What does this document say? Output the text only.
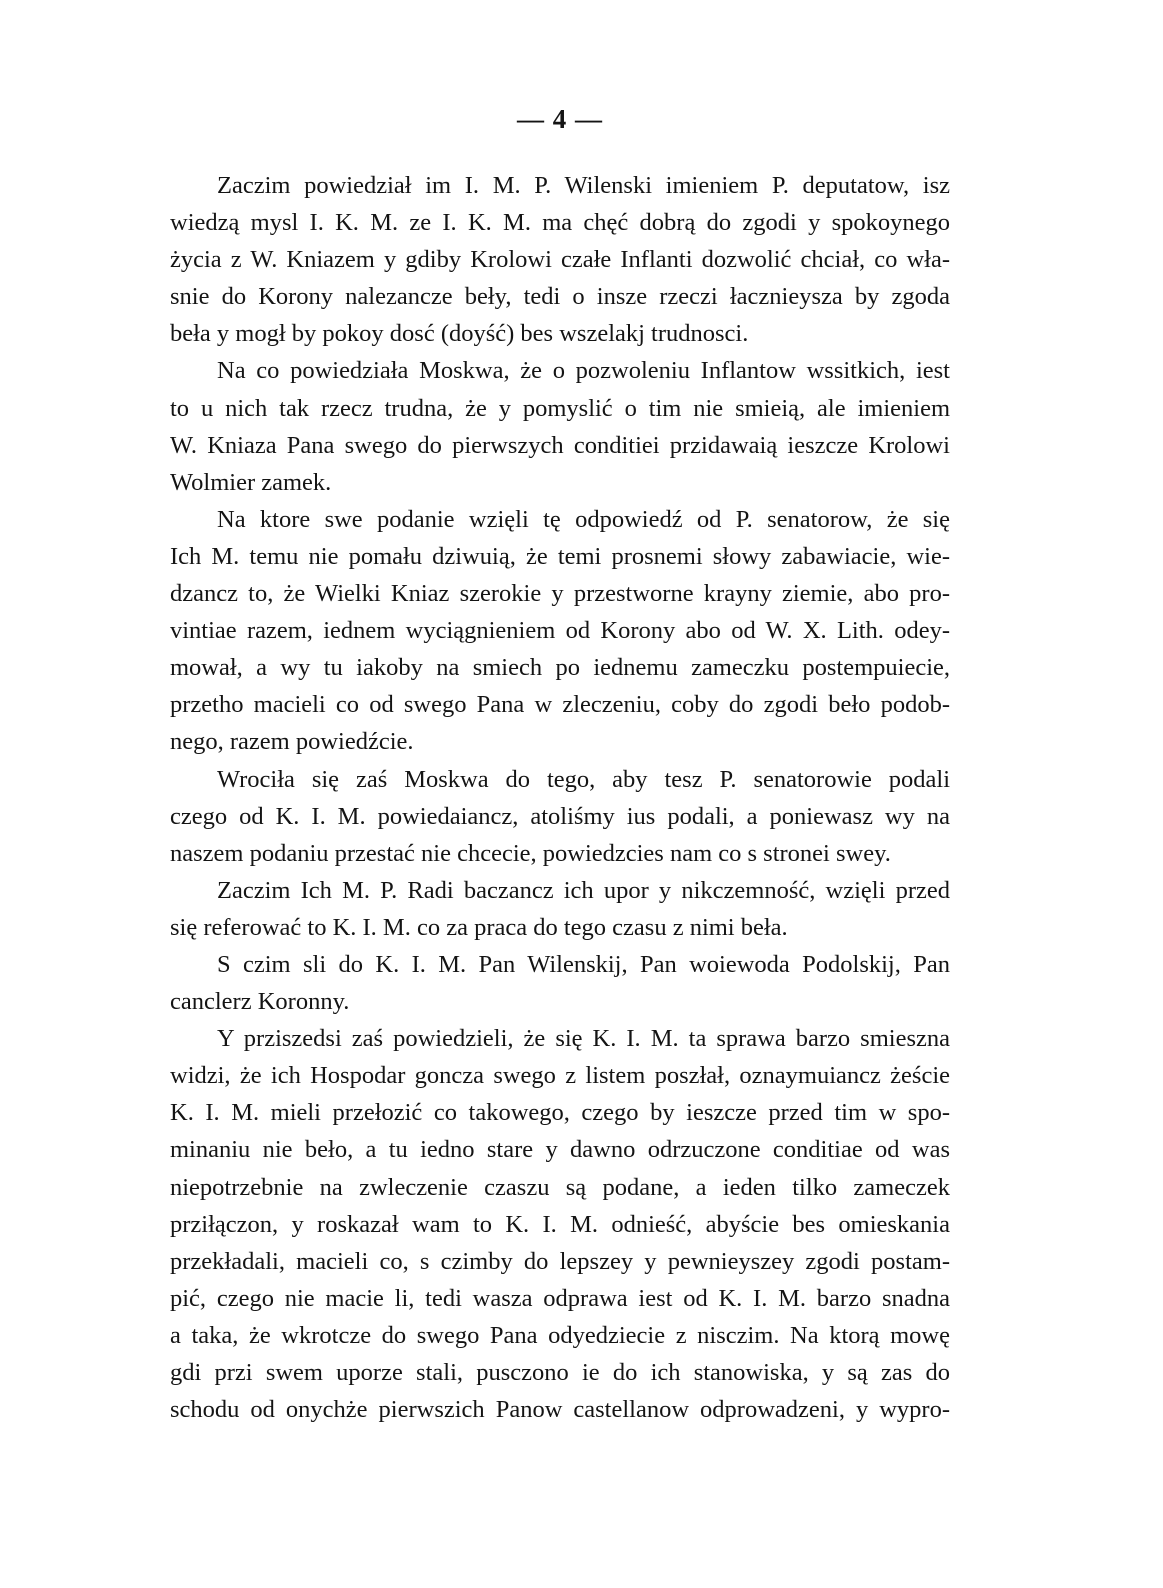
— 4 —
Zaczim powiedział im I. M. P. Wilenski imieniem P. deputatow, isz
wiedzą mysl I. K. M. ze I. K. M. ma chęć dobrą do zgodi y spokoynego
życia z W. Kniazem y gdiby Krolowi czałe Inflanti dozwolić chciał, co wła-
snie do Korony nalezancze beły, tedi o insze rzeczi łacznieysza by zgoda
beła y mogł by pokoy dosć (doyść) bes wszelakj trudnosci.
Na co powiedziała Moskwa, że o pozwoleniu Inflantow wssitkich, iest
to u nich tak rzecz trudna, że y pomyslić o tim nie smieią, ale imieniem
W. Kniaza Pana swego do pierwszych conditiei przidawaią ieszcze Krolowi
Wolmier zamek.
Na ktore swe podanie wzięli tę odpowiedź od P. senatorow, że się
Ich M. temu nie pomału dziwuią, że temi prosnemi słowy zabawiacie, wie-
dzancz to, że Wielki Kniaz szerokie y przestworne krayny ziemie, abo pro-
vintiae razem, iednem wyciągnieniem od Korony abo od W. X. Lith. odey-
mował, a wy tu iakoby na smiech po iednemu zameczku postempuiecie,
przetho macieli co od swego Pana w zleczeniu, coby do zgodi beło podob-
nego, razem powiedźcie.
Wrociła się zaś Moskwa do tego, aby tesz P. senatorowie podali
czego od K. I. M. powiedaiancz, atoliśmy ius podali, a poniewasz wy na
naszem podaniu przestać nie chcecie, powiedzcies nam co s stronei swey.
Zaczim Ich M. P. Radi baczancz ich upor y nikczemność, wzięli przed
się referować to K. I. M. co za praca do tego czasu z nimi beła.
S czim sli do K. I. M. Pan Wilenskij, Pan woiewoda Podolskij, Pan
canclerz Koronny.
Y prziszedsi zaś powiedzieli, że się K. I. M. ta sprawa barzo smieszna
widzi, że ich Hospodar goncza swego z listem poszłał, oznaymuiancz żeście
K. I. M. mieli przełozić co takowego, czego by ieszcze przed tim w spo-
minaniu nie beło, a tu iedno stare y dawno odrzuczone conditiae od was
niepotrzebnie na zwleczenie czaszu są podane, a ieden tilko zameczek
prziłączon, y roskazał wam to K. I. M. odnieść, abyście bes omieskania
przekładali, macieli co, s czimby do lepszey y pewnieyszey zgodi postam-
pić, czego nie macie li, tedi wasza odprawa iest od K. I. M. barzo snadna
a taka, że wkrotcze do swego Pana odyedziecie z nisczim. Na ktorą mowę
gdi przi swem uporze stali, pusczono ie do ich stanowiska, y są zas do
schodu od onychże pierwszich Panow castellanow odprowadzeni, y wypro-
